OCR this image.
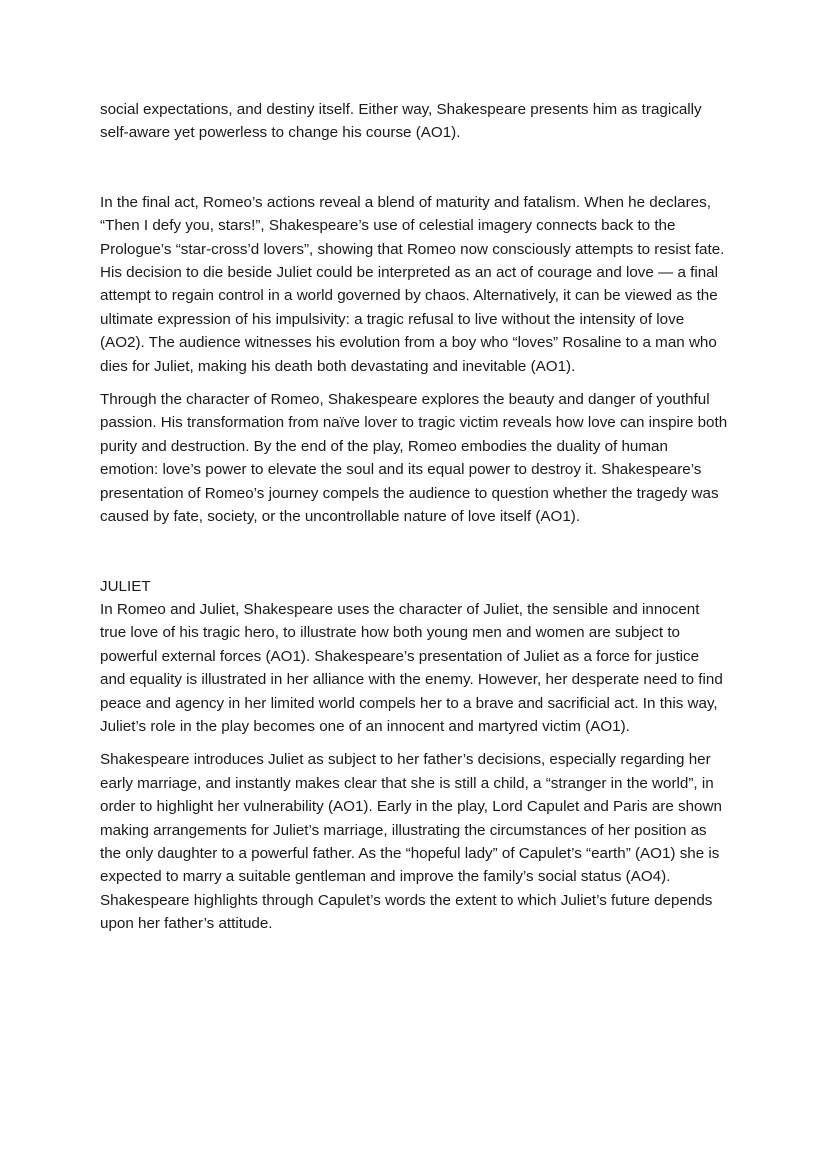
social expectations, and destiny itself. Either way, Shakespeare presents him as tragically self-aware yet powerless to change his course (AO1).

In the final act, Romeo’s actions reveal a blend of maturity and fatalism. When he declares, “Then I defy you, stars!”, Shakespeare’s use of celestial imagery connects back to the Prologue’s “star-cross’d lovers”, showing that Romeo now consciously attempts to resist fate. His decision to die beside Juliet could be interpreted as an act of courage and love — a final attempt to regain control in a world governed by chaos. Alternatively, it can be viewed as the ultimate expression of his impulsivity: a tragic refusal to live without the intensity of love (AO2). The audience witnesses his evolution from a boy who “loves” Rosaline to a man who dies for Juliet, making his death both devastating and inevitable (AO1).

Through the character of Romeo, Shakespeare explores the beauty and danger of youthful passion. His transformation from naïve lover to tragic victim reveals how love can inspire both purity and destruction. By the end of the play, Romeo embodies the duality of human emotion: love’s power to elevate the soul and its equal power to destroy it. Shakespeare’s presentation of Romeo’s journey compels the audience to question whether the tragedy was caused by fate, society, or the uncontrollable nature of love itself (AO1).

JULIET

In Romeo and Juliet, Shakespeare uses the character of Juliet, the sensible and innocent true love of his tragic hero, to illustrate how both young men and women are subject to powerful external forces (AO1). Shakespeare’s presentation of Juliet as a force for justice and equality is illustrated in her alliance with the enemy. However, her desperate need to find peace and agency in her limited world compels her to a brave and sacrificial act. In this way, Juliet’s role in the play becomes one of an innocent and martyred victim (AO1).

Shakespeare introduces Juliet as subject to her father’s decisions, especially regarding her early marriage, and instantly makes clear that she is still a child, a “stranger in the world”, in order to highlight her vulnerability (AO1). Early in the play, Lord Capulet and Paris are shown making arrangements for Juliet’s marriage, illustrating the circumstances of her position as the only daughter to a powerful father. As the “hopeful lady” of Capulet’s “earth” (AO1) she is expected to marry a suitable gentleman and improve the family’s social status (AO4). Shakespeare highlights through Capulet’s words the extent to which Juliet’s future depends upon her father’s attitude.
